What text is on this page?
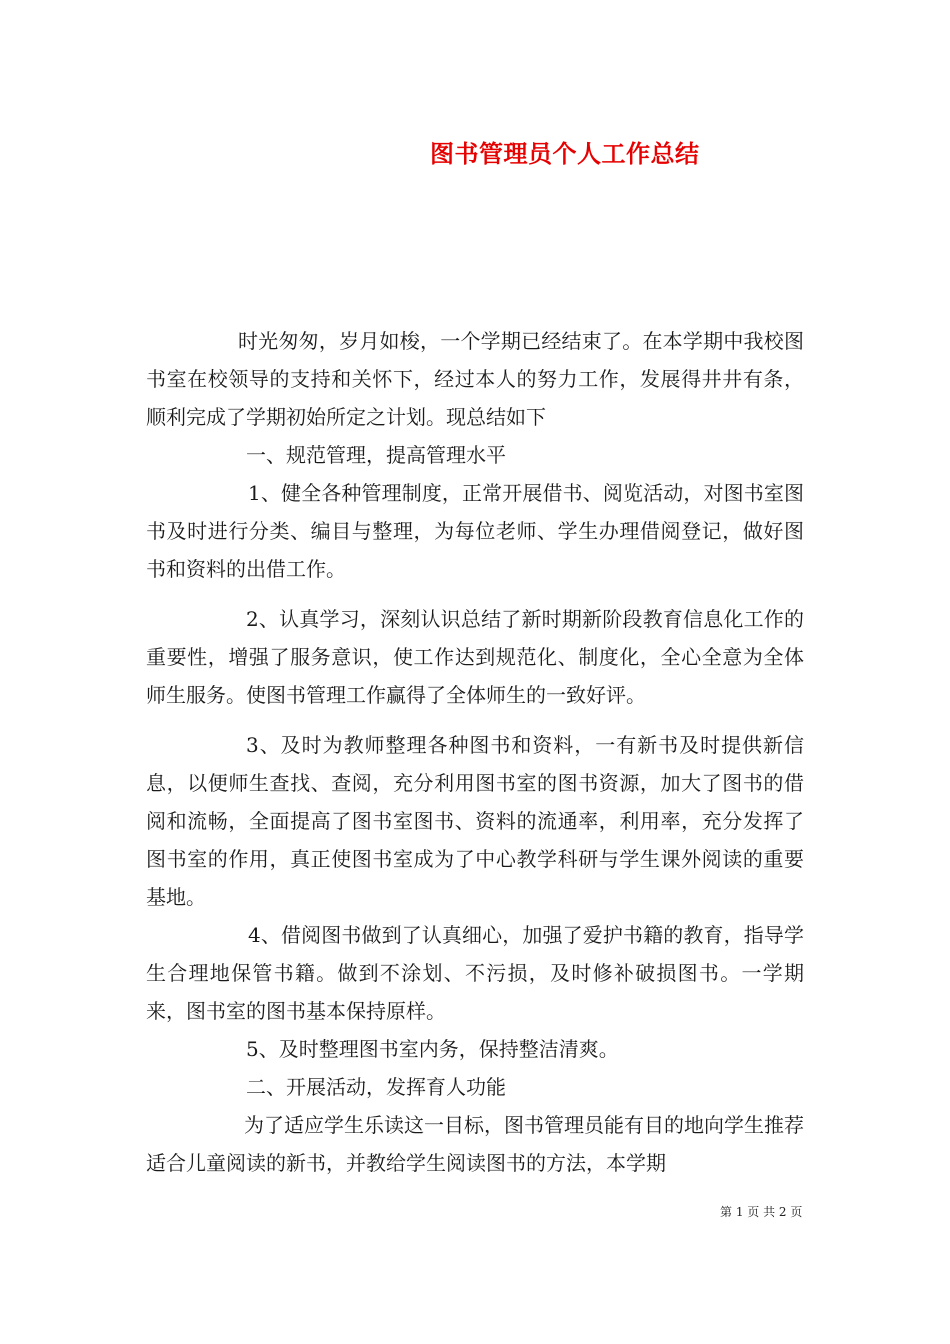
图书管理员个人工作总结

时光匆匆，岁月如梭，一个学期已经结束了。在本学期中我校图书室在校领导的支持和关怀下，经过本人的努力工作，发展得井井有条，顺利完成了学期初始所定之计划。现总结如下

一、规范管理，提高管理水平

1、健全各种管理制度，正常开展借书、阅览活动，对图书室图书及时进行分类、编目与整理，为每位老师、学生办理借阅登记，做好图书和资料的出借工作。

2、认真学习，深刻认识总结了新时期新阶段教育信息化工作的重要性，增强了服务意识，使工作达到规范化、制度化，全心全意为全体师生服务。使图书管理工作赢得了全体师生的一致好评。

3、及时为教师整理各种图书和资料，一有新书及时提供新信息，以便师生查找、查阅，充分利用图书室的图书资源，加大了图书的借阅和流畅，全面提高了图书室图书、资料的流通率，利用率，充分发挥了图书室的作用，真正使图书室成为了中心教学科研与学生课外阅读的重要基地。

4、借阅图书做到了认真细心，加强了爱护书籍的教育，指导学生合理地保管书籍。做到不涂划、不污损，及时修补破损图书。一学期来，图书室的图书基本保持原样。

5、及时整理图书室内务，保持整洁清爽。

二、开展活动，发挥育人功能

为了适应学生乐读这一目标，图书管理员能有目的地向学生推荐适合儿童阅读的新书，并教给学生阅读图书的方法，本学期

第 1 页 共 2 页
